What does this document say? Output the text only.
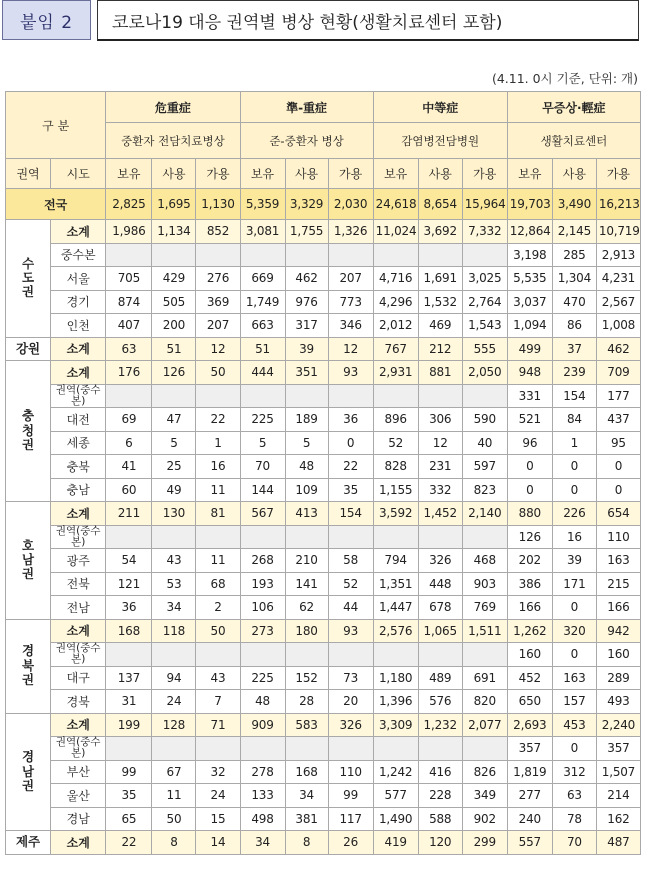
붙임 2	코로나19 대응 권역별 병상 현황(생활치료센터 포함)
(4.11. 0시 기준, 단위: 개)
구 분		危重症			準-重症			中等症			무증상·輕症		
		중환자 전담치료병상			준-중환자 병상			감염병전담병원			생활치료센터		
권역	시도	보유	사용	가용	보유	사용	가용	보유	사용	가용	보유	사용	가용
전국		2,825	1,695	1,130	5,359	3,329	2,030	24,618	8,654	15,964	19,703	3,490	16,213
수도권	소계	1,986	1,134	852	3,081	1,755	1,326	11,024	3,692	7,332	12,864	2,145	10,719
	중수본										3,198	285	2,913
	서울	705	429	276	669	462	207	4,716	1,691	3,025	5,535	1,304	4,231
	경기	874	505	369	1,749	976	773	4,296	1,532	2,764	3,037	470	2,567
	인천	407	200	207	663	317	346	2,012	469	1,543	1,094	86	1,008
강원	소계	63	51	12	51	39	12	767	212	555	499	37	462
충청권	소계	176	126	50	444	351	93	2,931	881	2,050	948	239	709
	권역(중수본)										331	154	177
	대전	69	47	22	225	189	36	896	306	590	521	84	437
	세종	6	5	1	5	5	0	52	12	40	96	1	95
	충북	41	25	16	70	48	22	828	231	597	0	0	0
	충남	60	49	11	144	109	35	1,155	332	823	0	0	0
호남권	소계	211	130	81	567	413	154	3,592	1,452	2,140	880	226	654
	권역(중수본)										126	16	110
	광주	54	43	11	268	210	58	794	326	468	202	39	163
	전북	121	53	68	193	141	52	1,351	448	903	386	171	215
	전남	36	34	2	106	62	44	1,447	678	769	166	0	166
경북권	소계	168	118	50	273	180	93	2,576	1,065	1,511	1,262	320	942
	권역(중수본)										160	0	160
	대구	137	94	43	225	152	73	1,180	489	691	452	163	289
	경북	31	24	7	48	28	20	1,396	576	820	650	157	493
경남권	소계	199	128	71	909	583	326	3,309	1,232	2,077	2,693	453	2,240
	권역(중수본)										357	0	357
	부산	99	67	32	278	168	110	1,242	416	826	1,819	312	1,507
	울산	35	11	24	133	34	99	577	228	349	277	63	214
	경남	65	50	15	498	381	117	1,490	588	902	240	78	162
제주	소계	22	8	14	34	8	26	419	120	299	557	70	487
